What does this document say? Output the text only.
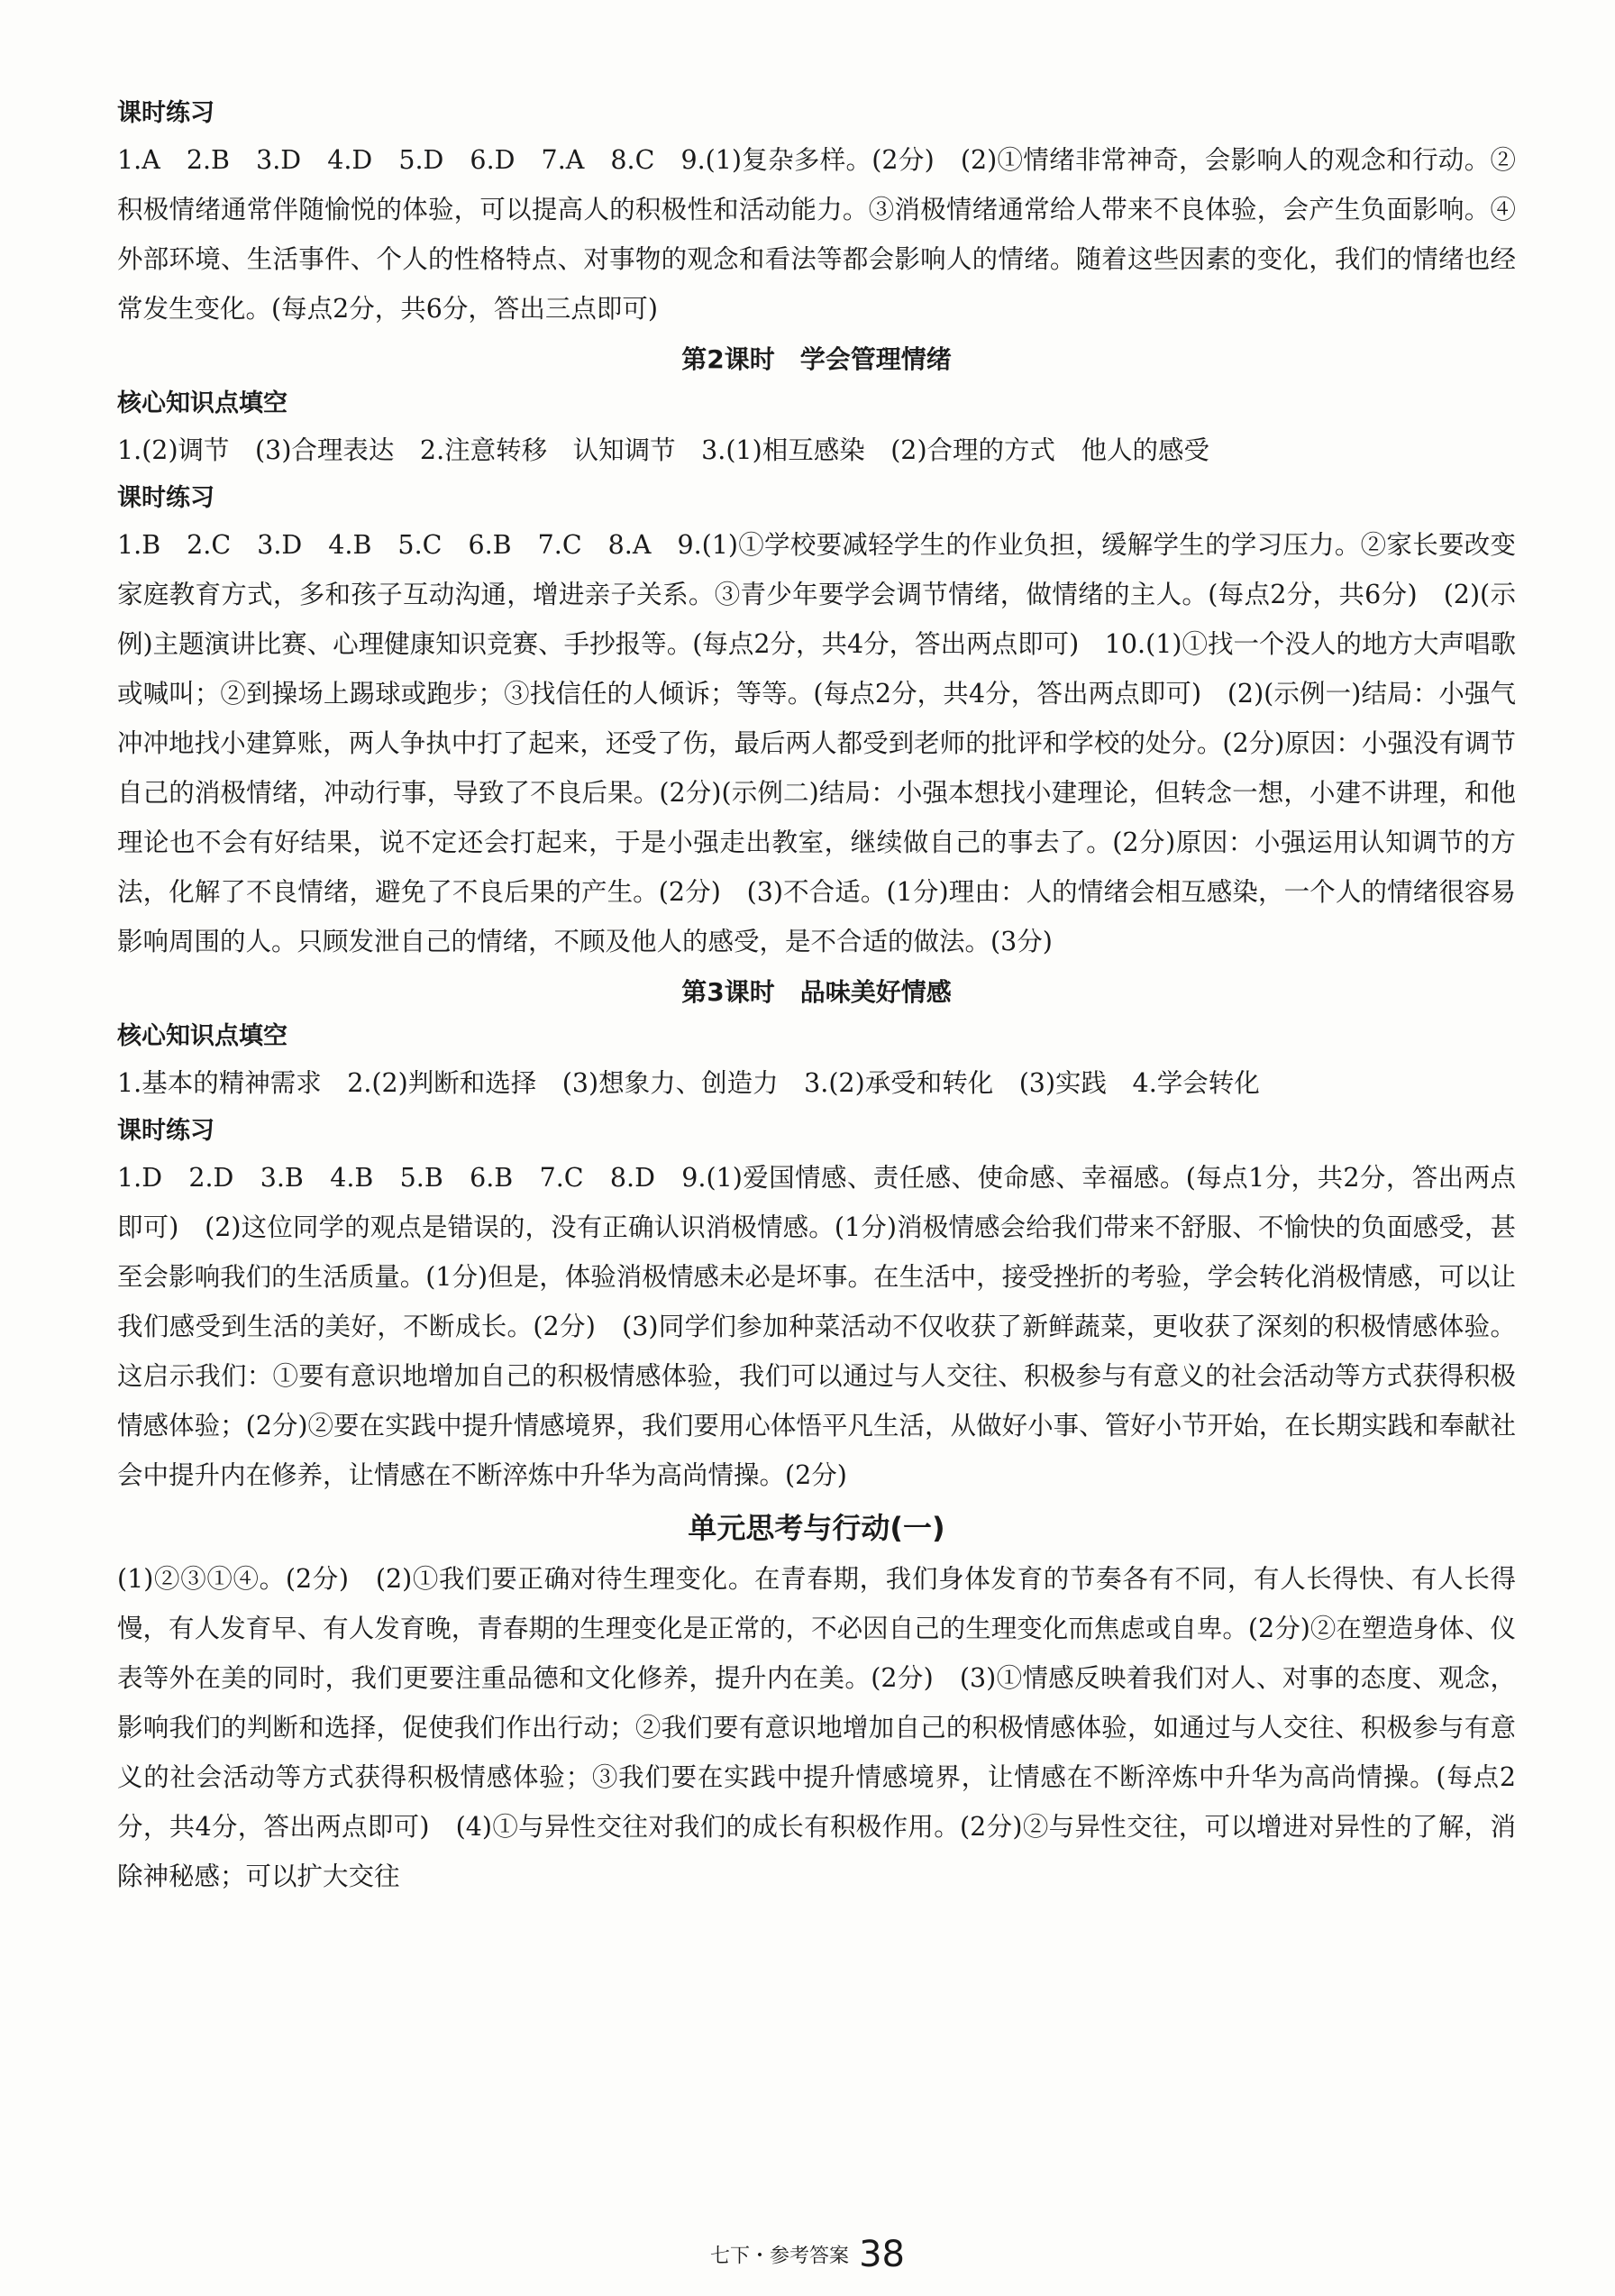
课时练习

1.A　2.B　3.D　4.D　5.D　6.D　7.A　8.C　9.(1)复杂多样。(2分)　(2)①情绪非常神奇，会影响人的观念和行动。②积极情绪通常伴随愉悦的体验，可以提高人的积极性和活动能力。③消极情绪通常给人带来不良体验，会产生负面影响。④外部环境、生活事件、个人的性格特点、对事物的观念和看法等都会影响人的情绪。随着这些因素的变化，我们的情绪也经常发生变化。(每点2分，共6分，答出三点即可)

第2课时　学会管理情绪
核心知识点填空

1.(2)调节　(3)合理表达　2.注意转移　认知调节　3.(1)相互感染　(2)合理的方式　他人的感受

课时练习

1.B　2.C　3.D　4.B　5.C　6.B　7.C　8.A　9.(1)①学校要减轻学生的作业负担，缓解学生的学习压力。②家长要改变家庭教育方式，多和孩子互动沟通，增进亲子关系。③青少年要学会调节情绪，做情绪的主人。(每点2分，共6分)　(2)(示例)主题演讲比赛、心理健康知识竞赛、手抄报等。(每点2分，共4分，答出两点即可)　10.(1)①找一个没人的地方大声唱歌或喊叫；②到操场上踢球或跑步；③找信任的人倾诉；等等。(每点2分，共4分，答出两点即可)　(2)(示例一)结局：小强气冲冲地找小建算账，两人争执中打了起来，还受了伤，最后两人都受到老师的批评和学校的处分。(2分)原因：小强没有调节自己的消极情绪，冲动行事，导致了不良后果。(2分)(示例二)结局：小强本想找小建理论，但转念一想，小建不讲理，和他理论也不会有好结果，说不定还会打起来，于是小强走出教室，继续做自己的事去了。(2分)原因：小强运用认知调节的方法，化解了不良情绪，避免了不良后果的产生。(2分)　(3)不合适。(1分)理由：人的情绪会相互感染，一个人的情绪很容易影响周围的人。只顾发泄自己的情绪，不顾及他人的感受，是不合适的做法。(3分)

第3课时　品味美好情感
核心知识点填空

1.基本的精神需求　2.(2)判断和选择　(3)想象力、创造力　3.(2)承受和转化　(3)实践　4.学会转化

课时练习

1.D　2.D　3.B　4.B　5.B　6.B　7.C　8.D　9.(1)爱国情感、责任感、使命感、幸福感。(每点1分，共2分，答出两点即可)　(2)这位同学的观点是错误的，没有正确认识消极情感。(1分)消极情感会给我们带来不舒服、不愉快的负面感受，甚至会影响我们的生活质量。(1分)但是，体验消极情感未必是坏事。在生活中，接受挫折的考验，学会转化消极情感，可以让我们感受到生活的美好，不断成长。(2分)　(3)同学们参加种菜活动不仅收获了新鲜蔬菜，更收获了深刻的积极情感体验。这启示我们：①要有意识地增加自己的积极情感体验，我们可以通过与人交往、积极参与有意义的社会活动等方式获得积极情感体验；(2分)②要在实践中提升情感境界，我们要用心体悟平凡生活，从做好小事、管好小节开始，在长期实践和奉献社会中提升内在修养，让情感在不断淬炼中升华为高尚情操。(2分)

单元思考与行动(一)

(1)②③①④。(2分)　(2)①我们要正确对待生理变化。在青春期，我们身体发育的节奏各有不同，有人长得快、有人长得慢，有人发育早、有人发育晚，青春期的生理变化是正常的，不必因自己的生理变化而焦虑或自卑。(2分)②在塑造身体、仪表等外在美的同时，我们更要注重品德和文化修养，提升内在美。(2分)　(3)①情感反映着我们对人、对事的态度、观念，影响我们的判断和选择，促使我们作出行动；②我们要有意识地增加自己的积极情感体验，如通过与人交往、积极参与有意义的社会活动等方式获得积极情感体验；③我们要在实践中提升情感境界，让情感在不断淬炼中升华为高尚情操。(每点2分，共4分，答出两点即可)　(4)①与异性交往对我们的成长有积极作用。(2分)②与异性交往，可以增进对异性的了解，消除神秘感；可以扩大交往

七下・参考答案 38
